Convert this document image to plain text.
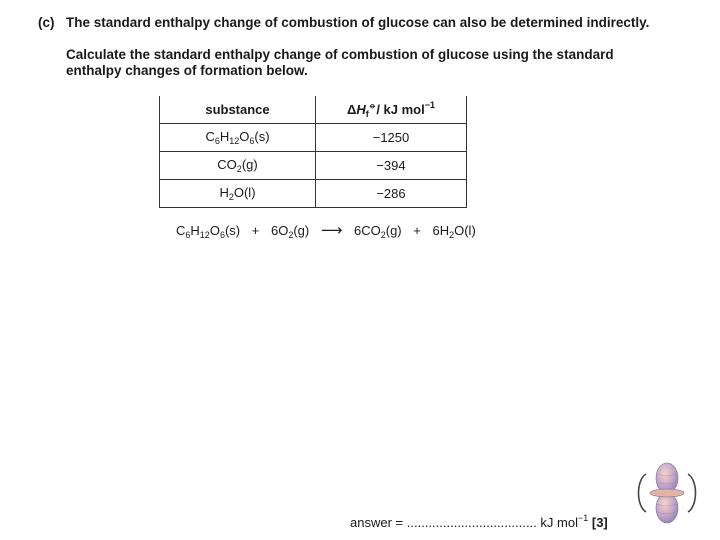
(c) The standard enthalpy change of combustion of glucose can also be determined indirectly.
Calculate the standard enthalpy change of combustion of glucose using the standard enthalpy changes of formation below.
substance	$\Delta H_f^⦵/$ kJ mol$^{-1}$
$C_6H_{12}O_6(s)$	−1250
$CO_2(g)$	−394
$H_2O(l)$	−286
$C_6H_{12}O_6(s) + 6O_2(g)$ ⟶ $6CO_2(g) + 6H_2O(l)$
answer = .................................... kJ mol$^{-1}$ [3]
